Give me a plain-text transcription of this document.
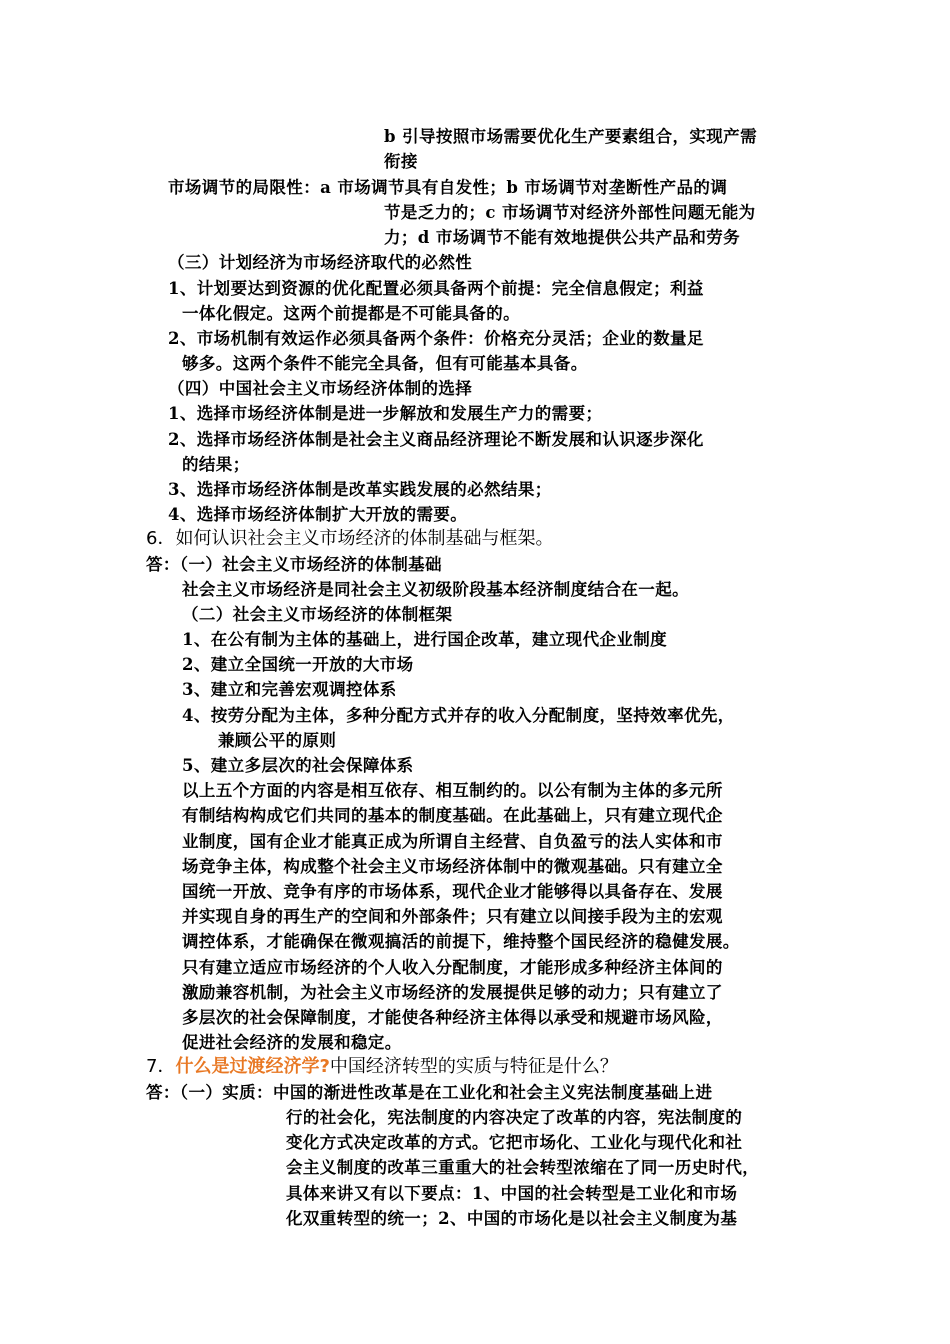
b 引导按照市场需要优化生产要素组合，实现产需
衔接
市场调节的局限性：a 市场调节具有自发性；b 市场调节对垄断性产品的调
节是乏力的；c 市场调节对经济外部性问题无能为
力；d 市场调节不能有效地提供公共产品和劳务
（三）计划经济为市场经济取代的必然性
1、计划要达到资源的优化配置必须具备两个前提：完全信息假定；利益
一体化假定。这两个前提都是不可能具备的。
2、市场机制有效运作必须具备两个条件：价格充分灵活；企业的数量足
够多。这两个条件不能完全具备，但有可能基本具备。
（四）中国社会主义市场经济体制的选择
1、选择市场经济体制是进一步解放和发展生产力的需要；
2、选择市场经济体制是社会主义商品经济理论不断发展和认识逐步深化
的结果；
3、选择市场经济体制是改革实践发展的必然结果；
4、选择市场经济体制扩大开放的需要。
6．如何认识社会主义市场经济的体制基础与框架。
答：（一）社会主义市场经济的体制基础
社会主义市场经济是同社会主义初级阶段基本经济制度结合在一起。
（二）社会主义市场经济的体制框架
1、在公有制为主体的基础上，进行国企改革，建立现代企业制度
2、建立全国统一开放的大市场
3、建立和完善宏观调控体系
4、按劳分配为主体，多种分配方式并存的收入分配制度，坚持效率优先，
兼顾公平的原则
5、建立多层次的社会保障体系
以上五个方面的内容是相互依存、相互制约的。以公有制为主体的多元所
有制结构构成它们共同的基本的制度基础。在此基础上，只有建立现代企
业制度，国有企业才能真正成为所谓自主经营、自负盈亏的法人实体和市
场竞争主体，构成整个社会主义市场经济体制中的微观基础。只有建立全
国统一开放、竞争有序的市场体系，现代企业才能够得以具备存在、发展
并实现自身的再生产的空间和外部条件；只有建立以间接手段为主的宏观
调控体系，才能确保在微观搞活的前提下，维持整个国民经济的稳健发展。
只有建立适应市场经济的个人收入分配制度，才能形成多种经济主体间的
激励兼容机制，为社会主义市场经济的发展提供足够的动力；只有建立了
多层次的社会保障制度，才能使各种经济主体得以承受和规避市场风险，
促进社会经济的发展和稳定。
7．什么是过渡经济学?中国经济转型的实质与特征是什么？
答：（一）实质：中国的渐进性改革是在工业化和社会主义宪法制度基础上进
行的社会化，宪法制度的内容决定了改革的内容，宪法制度的
变化方式决定改革的方式。它把市场化、工业化与现代化和社
会主义制度的改革三重重大的社会转型浓缩在了同一历史时代，
具体来讲又有以下要点：1、中国的社会转型是工业化和市场
化双重转型的统一；2、中国的市场化是以社会主义制度为基
